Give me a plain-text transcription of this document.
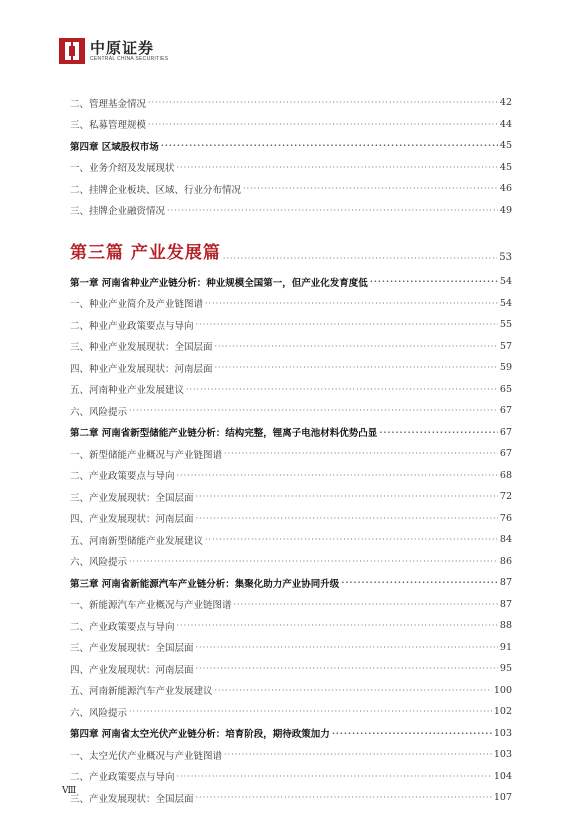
中原证券
CENTRAL CHINA SECURITIES
二、管理基金情况 ·····	42
三、私募管理规模 ·····	44
第四章 区域股权市场 ·····	45
一、业务介绍及发展现状 ·····	45
二、挂牌企业板块、区域、行业分布情况 ·····	46
三、挂牌企业融资情况 ·····	49
第三篇 产业发展篇 ·····	53
第一章 河南省种业产业链分析：种业规模全国第一，但产业化发育度低 ·····	54
一、种业产业简介及产业链图谱 ·····	54
二、种业产业政策要点与导向 ·····	55
三、种业产业发展现状：全国层面 ·····	57
四、种业产业发展现状：河南层面 ·····	59
五、河南种业产业发展建议 ·····	65
六、风险提示 ·····	67
第二章 河南省新型储能产业链分析：结构完整，锂离子电池材料优势凸显 ·····	67
一、新型储能产业概况与产业链图谱 ·····	67
二、产业政策要点与导向 ·····	68
三、产业发展现状：全国层面 ·····	72
四、产业发展现状：河南层面 ·····	76
五、河南新型储能产业发展建议 ·····	84
六、风险提示 ·····	86
第三章 河南省新能源汽车产业链分析：集聚化助力产业协同升级 ·····	87
一、新能源汽车产业概况与产业链图谱 ·····	87
二、产业政策要点与导向 ·····	88
三、产业发展现状：全国层面 ·····	91
四、产业发展现状：河南层面 ·····	95
五、河南新能源汽车产业发展建议 ·····	100
六、风险提示 ·····	102
第四章 河南省太空光伏产业链分析：培育阶段，期待政策加力 ·····	103
一、太空光伏产业概况与产业链图谱 ·····	103
二、产业政策要点与导向 ·····	104
三、产业发展现状：全国层面 ·····	107
Ⅷ
